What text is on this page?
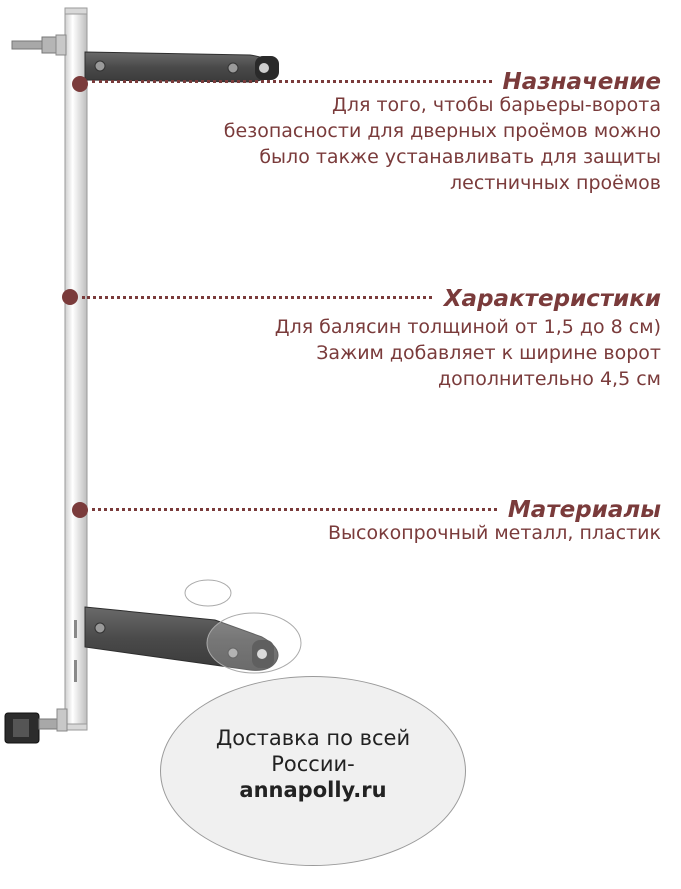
Назначение
Для того, чтобы барьеры-ворота
безопасности для дверных проёмов можно
было также устанавливать для защиты
лестничных проёмов
Характеристики
Для балясин толщиной от 1,5 до 8 см)
Зажим добавляет к ширине ворот
дополнительно 4,5 см
Материалы
Высокопрочный металл, пластик
Доставка по всей
России-
annapolly.ru
